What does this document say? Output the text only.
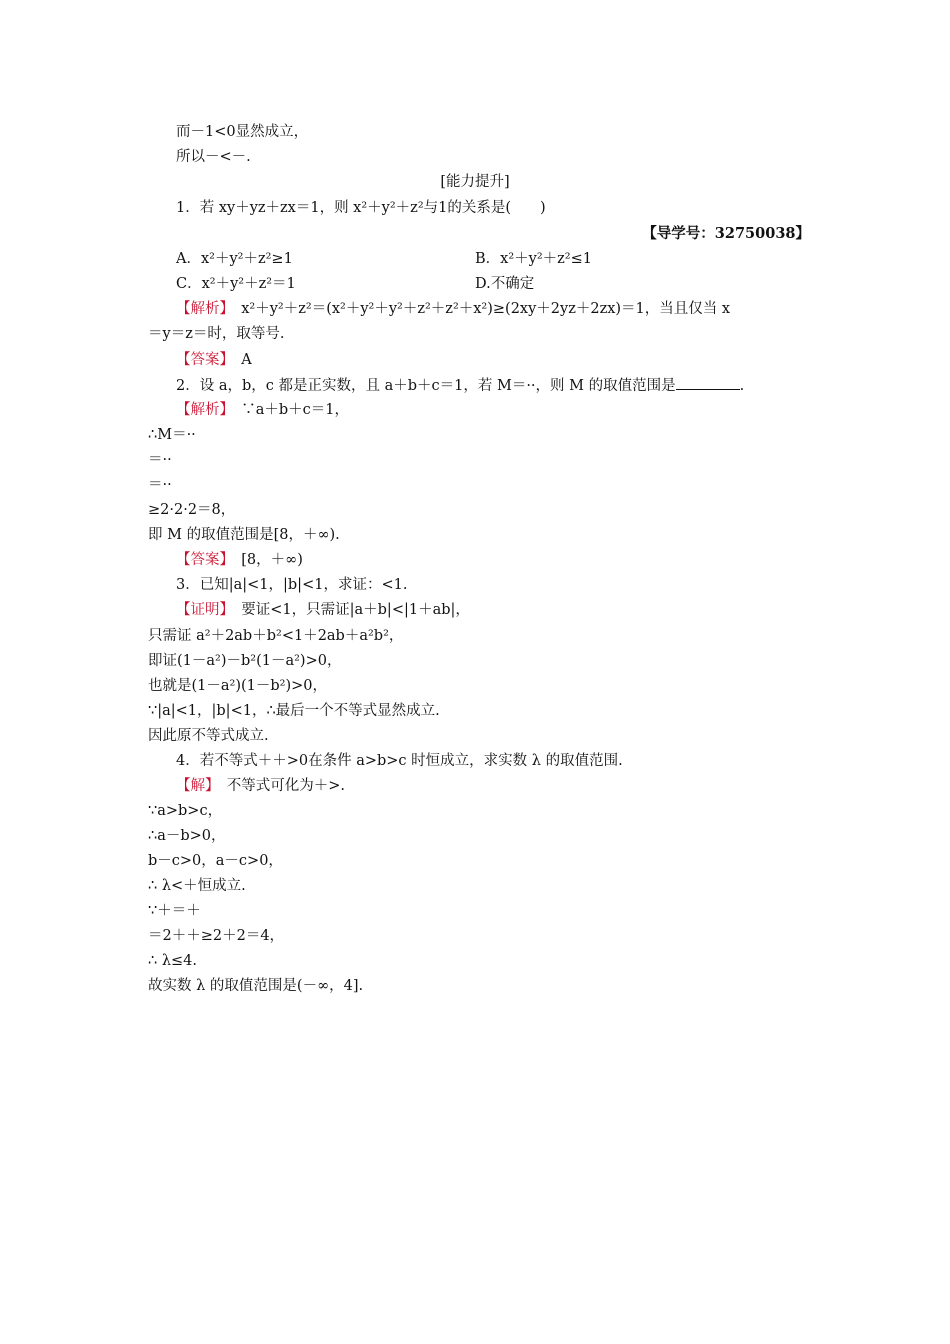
而－1<0显然成立，
所以－<－.
[能力提升]
1．若 xy＋yz＋zx＝1，则 x²＋y²＋z²与1的关系是(　　)
【导学号：32750038】
A．x²＋y²＋z²≥1	B．x²＋y²＋z²≤1
C．x²＋y²＋z²＝1	D.不确定
【解析】　x²＋y²＋z²＝(x²＋y²＋y²＋z²＋z²＋x²)≥(2xy＋2yz＋2zx)＝1，当且仅当 x
＝y＝z＝时，取等号.
【答案】　A
2．设 a，b，c 都是正实数，且 a＋b＋c＝1，若 M＝··，则 M 的取值范围是	.
【解析】　∵a＋b＋c＝1，
∴M＝··
＝··
＝··
≥2·2·2＝8，
即 M 的取值范围是[8，＋∞).
【答案】　[8，＋∞)
3．已知|a|<1，|b|<1，求证：<1.
【证明】　要证<1，只需证|a＋b|<|1＋ab|，
只需证 a²＋2ab＋b²<1＋2ab＋a²b²，
即证(1－a²)－b²(1－a²)>0，
也就是(1－a²)(1－b²)>0，
∵|a|<1，|b|<1，∴最后一个不等式显然成立.
因此原不等式成立.
4．若不等式＋＋>0在条件 a>b>c 时恒成立，求实数 λ 的取值范围.
【解】　不等式可化为＋>.
∵a>b>c，
∴a－b>0，
b－c>0，a－c>0，
∴ λ<＋恒成立.
∵＋＝＋
＝2＋＋≥2＋2＝4，
∴ λ≤4.
故实数 λ 的取值范围是(－∞，4].
